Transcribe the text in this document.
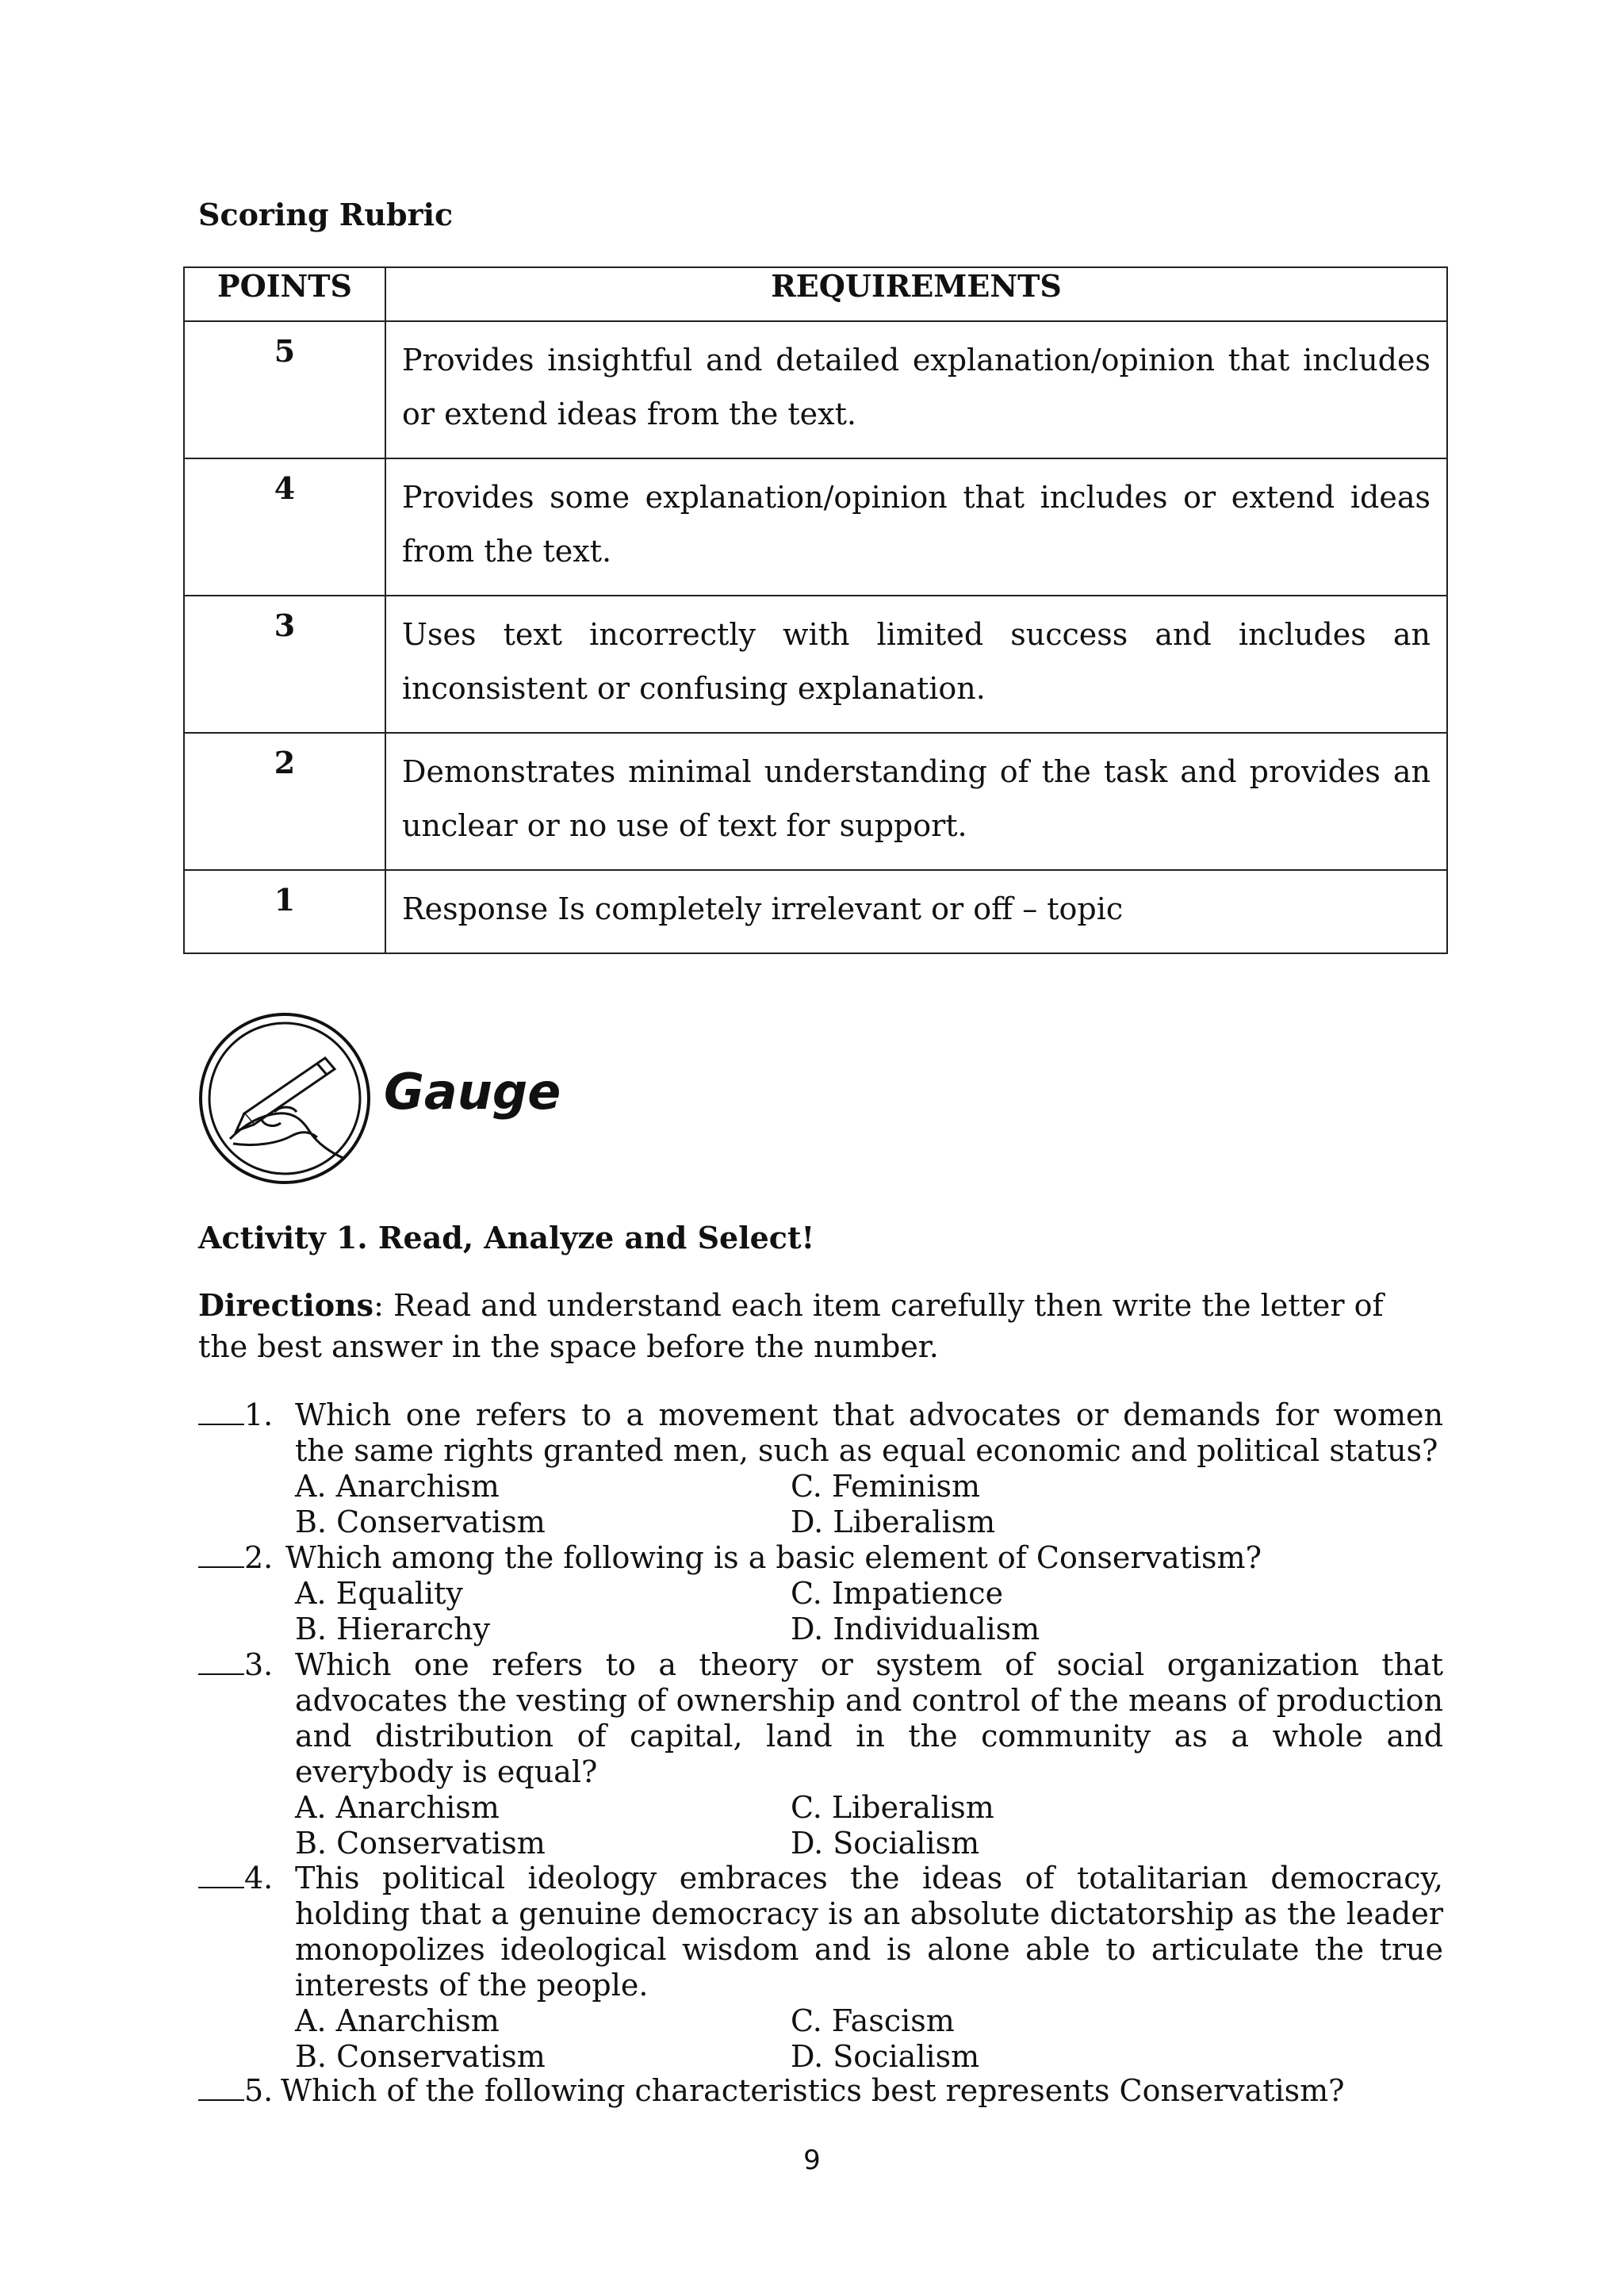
Scoring Rubric
POINTS	REQUIREMENTS
5	Provides insightful and detailed explanation/opinion that includes or extend ideas from the text.
4	Provides some explanation/opinion that includes or extend ideas from the text.
3	Uses text incorrectly with limited success and includes an inconsistent or confusing explanation.
2	Demonstrates minimal understanding of the task and provides an unclear or no use of text for support.
1	Response Is completely irrelevant or off – topic
Gauge
Activity 1. Read, Analyze and Select!
Directions: Read and understand each item carefully then write the letter of the best answer in the space before the number.
1. Which one refers to a movement that advocates or demands for women the same rights granted men, such as equal economic and political status?
A. Anarchism	C. Feminism
B. Conservatism	D. Liberalism
2. Which among the following is a basic element of Conservatism?
A. Equality	C. Impatience
B. Hierarchy	D. Individualism
3. Which one refers to a theory or system of social organization that advocates the vesting of ownership and control of the means of production and distribution of capital, land in the community as a whole and everybody is equal?
A. Anarchism	C. Liberalism
B. Conservatism	D. Socialism
4. This political ideology embraces the ideas of totalitarian democracy, holding that a genuine democracy is an absolute dictatorship as the leader monopolizes ideological wisdom and is alone able to articulate the true interests of the people.
A. Anarchism	C. Fascism
B. Conservatism	D. Socialism
5. Which of the following characteristics best represents Conservatism?
9
